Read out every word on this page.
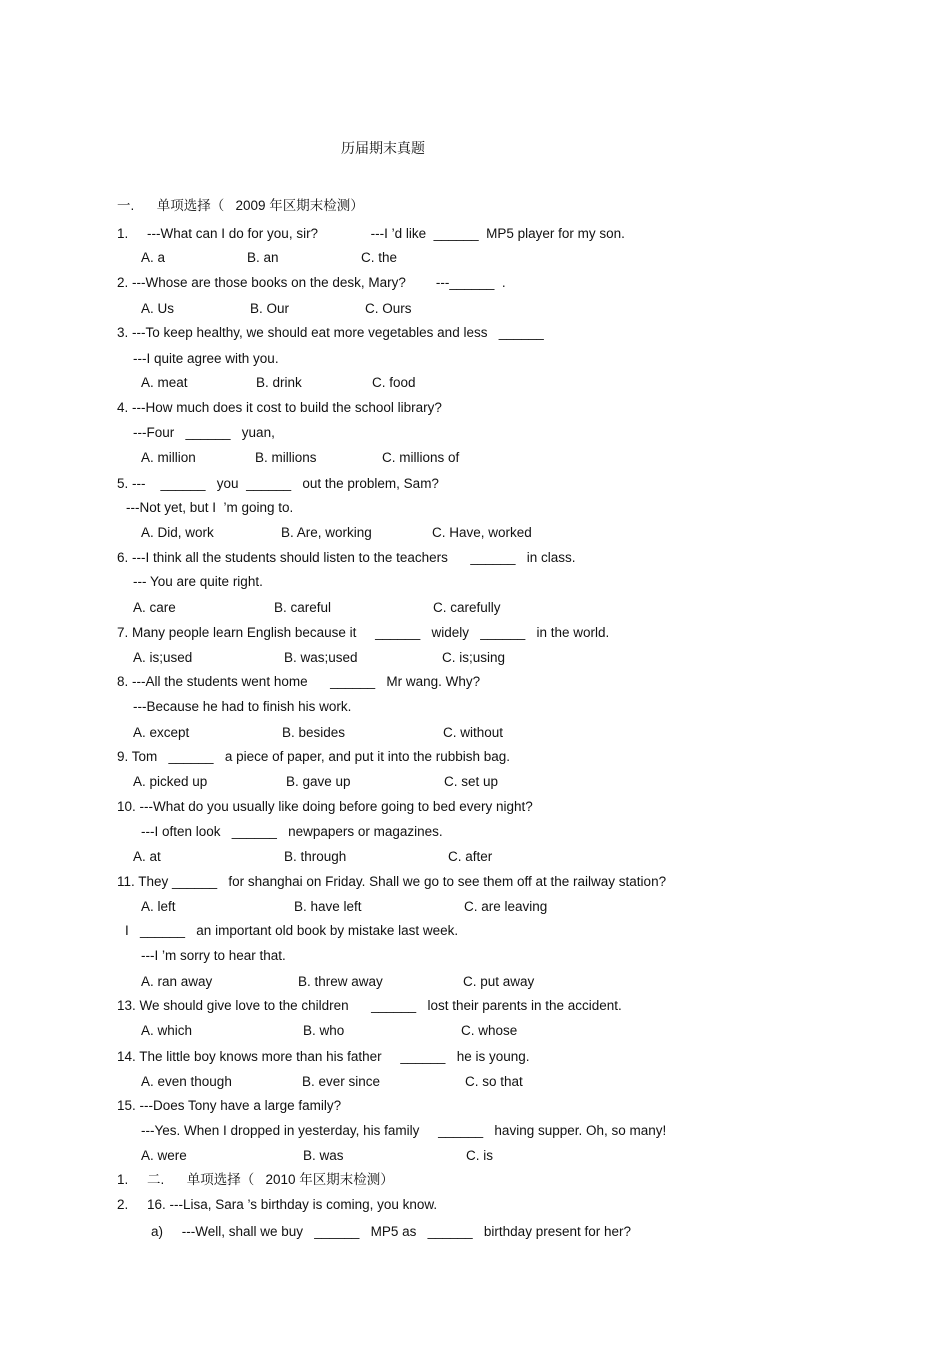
历届期末真题
一.      单项选择（   2009 年区期末检测）
1.     ---What can I do for you, sir?              ---I ’d like  ______  MP5 player for my son.
A. a	B. an	C. the
2. ---Whose are those books on the desk, Mary?        ---______  .
A. Us	B. Our	C. Ours
3. ---To keep healthy, we should eat more vegetables and less   ______
---I quite agree with you.
A. meat	B. drink	C. food
4. ---How much does it cost to build the school library?
---Four   ______   yuan,
A. million	B. millions	C. millions of
5. ---    ______   you  ______   out the problem, Sam?
---Not yet, but I  ’m going to.
A. Did, work	B. Are, working	C. Have, worked
6. ---I think all the students should listen to the teachers      ______   in class.
--- You are quite right.
A. care	B. careful	C. carefully
7. Many people learn English because it     ______   widely   ______   in the world.
A. is;used	B. was;used	C. is;using
8. ---All the students went home      ______   Mr wang. Why?
---Because he had to finish his work.
A. except	B. besides	C. without
9. Tom   ______   a piece of paper, and put it into the rubbish bag.
A. picked up	B. gave up	C. set up
10. ---What do you usually like doing before going to bed every night?
---I often look   ______   newpapers or magazines.
A. at	B. through	C. after
11. They ______   for shanghai on Friday. Shall we go to see them off at the railway station?
A. left	B. have left	C. are leaving
I   ______   an important old book by mistake last week.
---I ’m sorry to hear that.
A. ran away	B. threw away	C. put away
13. We should give love to the children      ______   lost their parents in the accident.
A. which	B. who	C. whose
14. The little boy knows more than his father     ______   he is young.
A. even though	B. ever since	C. so that
15. ---Does Tony have a large family?
---Yes. When I dropped in yesterday, his family     ______   having supper. Oh, so many!
A. were	B. was	C. is
1.     二.      单项选择（   2010 年区期末检测）
2.     16. ---Lisa, Sara ’s birthday is coming, you know.
a)     ---Well, shall we buy   ______   MP5 as   ______   birthday present for her?
